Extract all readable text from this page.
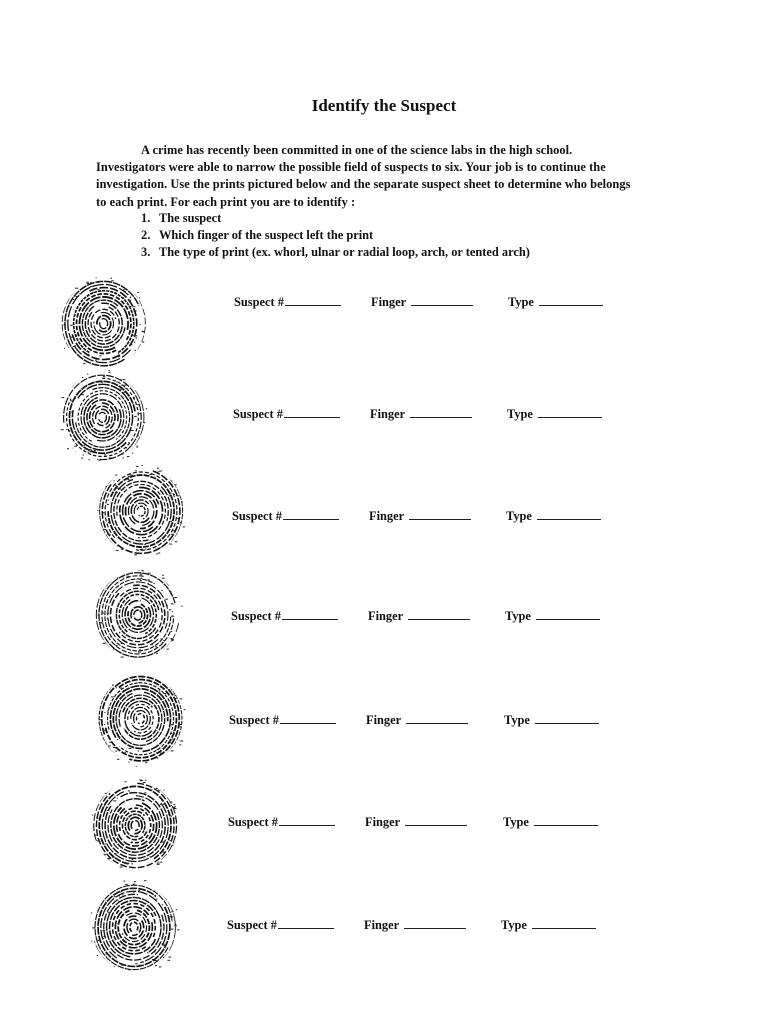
Identify the Suspect

A crime has recently been committed in one of the science labs in the high school. Investigators were able to narrow the possible field of suspects to six. Your job is to continue the investigation. Use the prints pictured below and the separate suspect sheet to determine who belongs to each print. For each print you are to identify :

1. The suspect
2. Which finger of the suspect left the print
3. The type of print (ex. whorl, ulnar or radial loop, arch, or tented arch)
Suspect #	Finger	Type
Suspect #	Finger	Type
Suspect #	Finger	Type
Suspect #	Finger	Type
Suspect #	Finger	Type
Suspect #	Finger	Type
Suspect #	Finger	Type
